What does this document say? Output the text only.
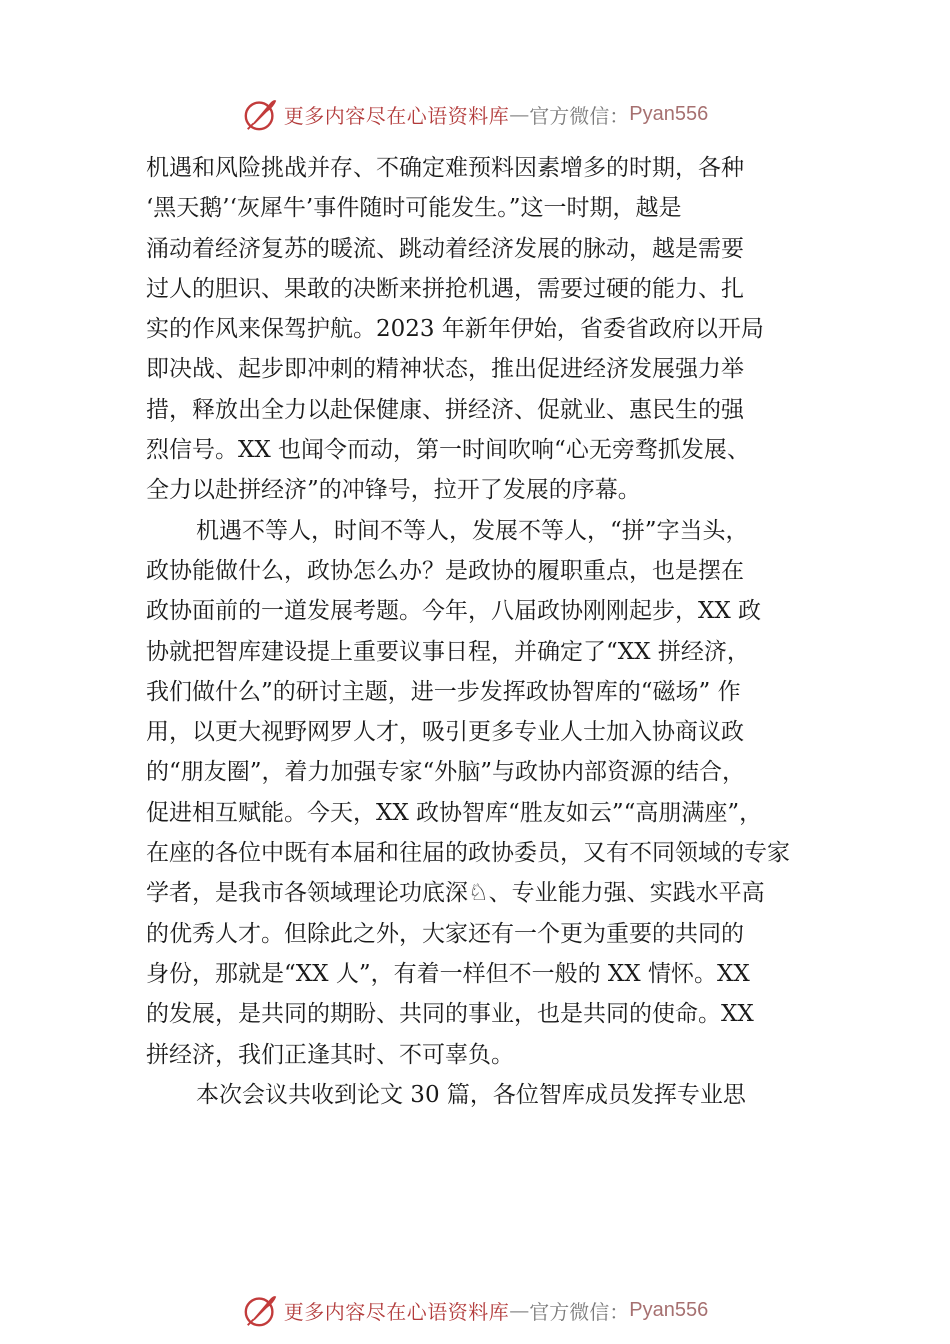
更多内容尽在心语资料库 — 官方微信： Pyan556
机遇和风险挑战并存、不确定难预料因素增多的时期，各种
‘黑天鹅’‘灰犀牛’事件随时可能发生。”这一时期，越是
涌动着经济复苏的暖流、跳动着经济发展的脉动，越是需要
过人的胆识、果敢的决断来拼抢机遇，需要过硬的能力、扎
实的作风来保驾护航。2023 年新年伊始，省委省政府以开局
即决战、起步即冲刺的精神状态，推出促进经济发展强力举
措，释放出全力以赴保健康、拼经济、促就业、惠民生的强
烈信号。XX 也闻令而动，第一时间吹响“心无旁骛抓发展、
全力以赴拼经济”的冲锋号，拉开了发展的序幕。
机遇不等人，时间不等人，发展不等人，“拼”字当头，
政协能做什么，政协怎么办？是政协的履职重点，也是摆在
政协面前的一道发展考题。今年，八届政协刚刚起步，XX 政
协就把智库建设提上重要议事日程，并确定了“XX 拼经济，
我们做什么”的研讨主题，进一步发挥政协智库的“磁场” 作
用，以更大视野网罗人才，吸引更多专业人士加入协商议政
的“朋友圈”，着力加强专家“外脑”与政协内部资源的结合，
促进相互赋能。今天，XX 政协智库“胜友如云”“高朋满座”，
在座的各位中既有本届和往届的政协委员，又有不同领域的专家
学者，是我市各领域理论功底深♘、专业能力强、实践水平高
的优秀人才。但除此之外，大家还有一个更为重要的共同的
身份，那就是“XX 人”，有着一样但不一般的 XX 情怀。XX
的发展，是共同的期盼、共同的事业，也是共同的使命。XX
拼经济，我们正逢其时、不可辜负。
本次会议共收到论文 30 篇，各位智库成员发挥专业思
更多内容尽在心语资料库 — 官方微信： Pyan556
